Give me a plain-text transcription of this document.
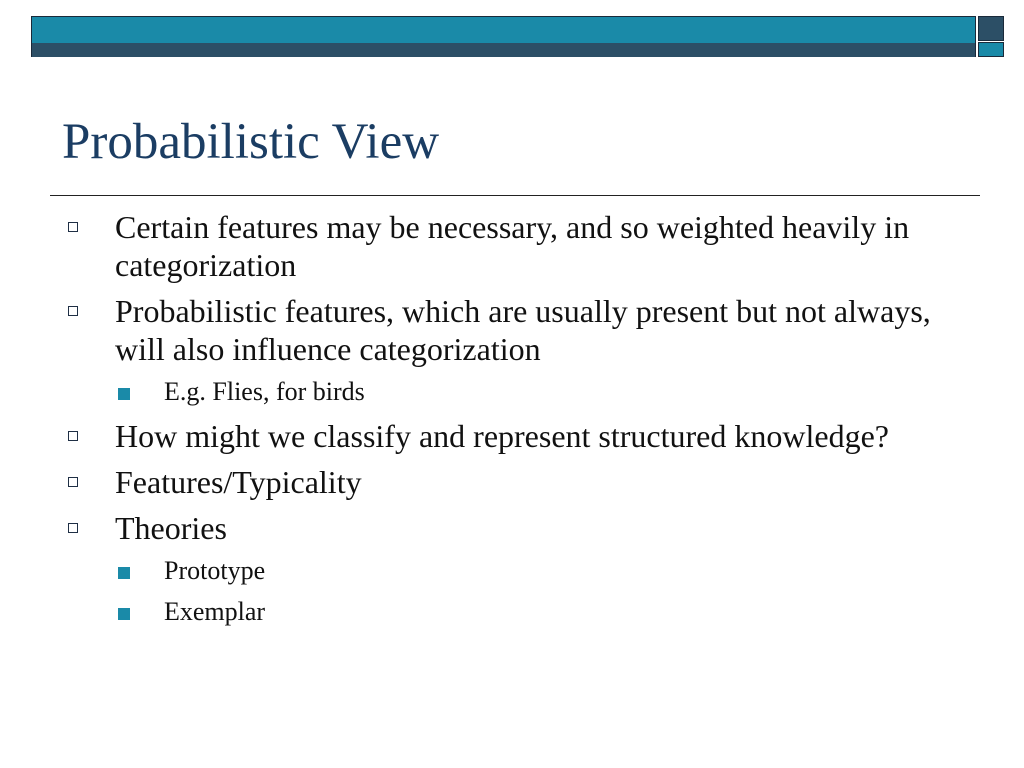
Probabilistic View
Certain features may be necessary, and so weighted heavily in categorization
Probabilistic features, which are usually present but not always, will also influence categorization
E.g. Flies, for birds
How might we classify and represent structured knowledge?
Features/Typicality
Theories
Prototype
Exemplar
